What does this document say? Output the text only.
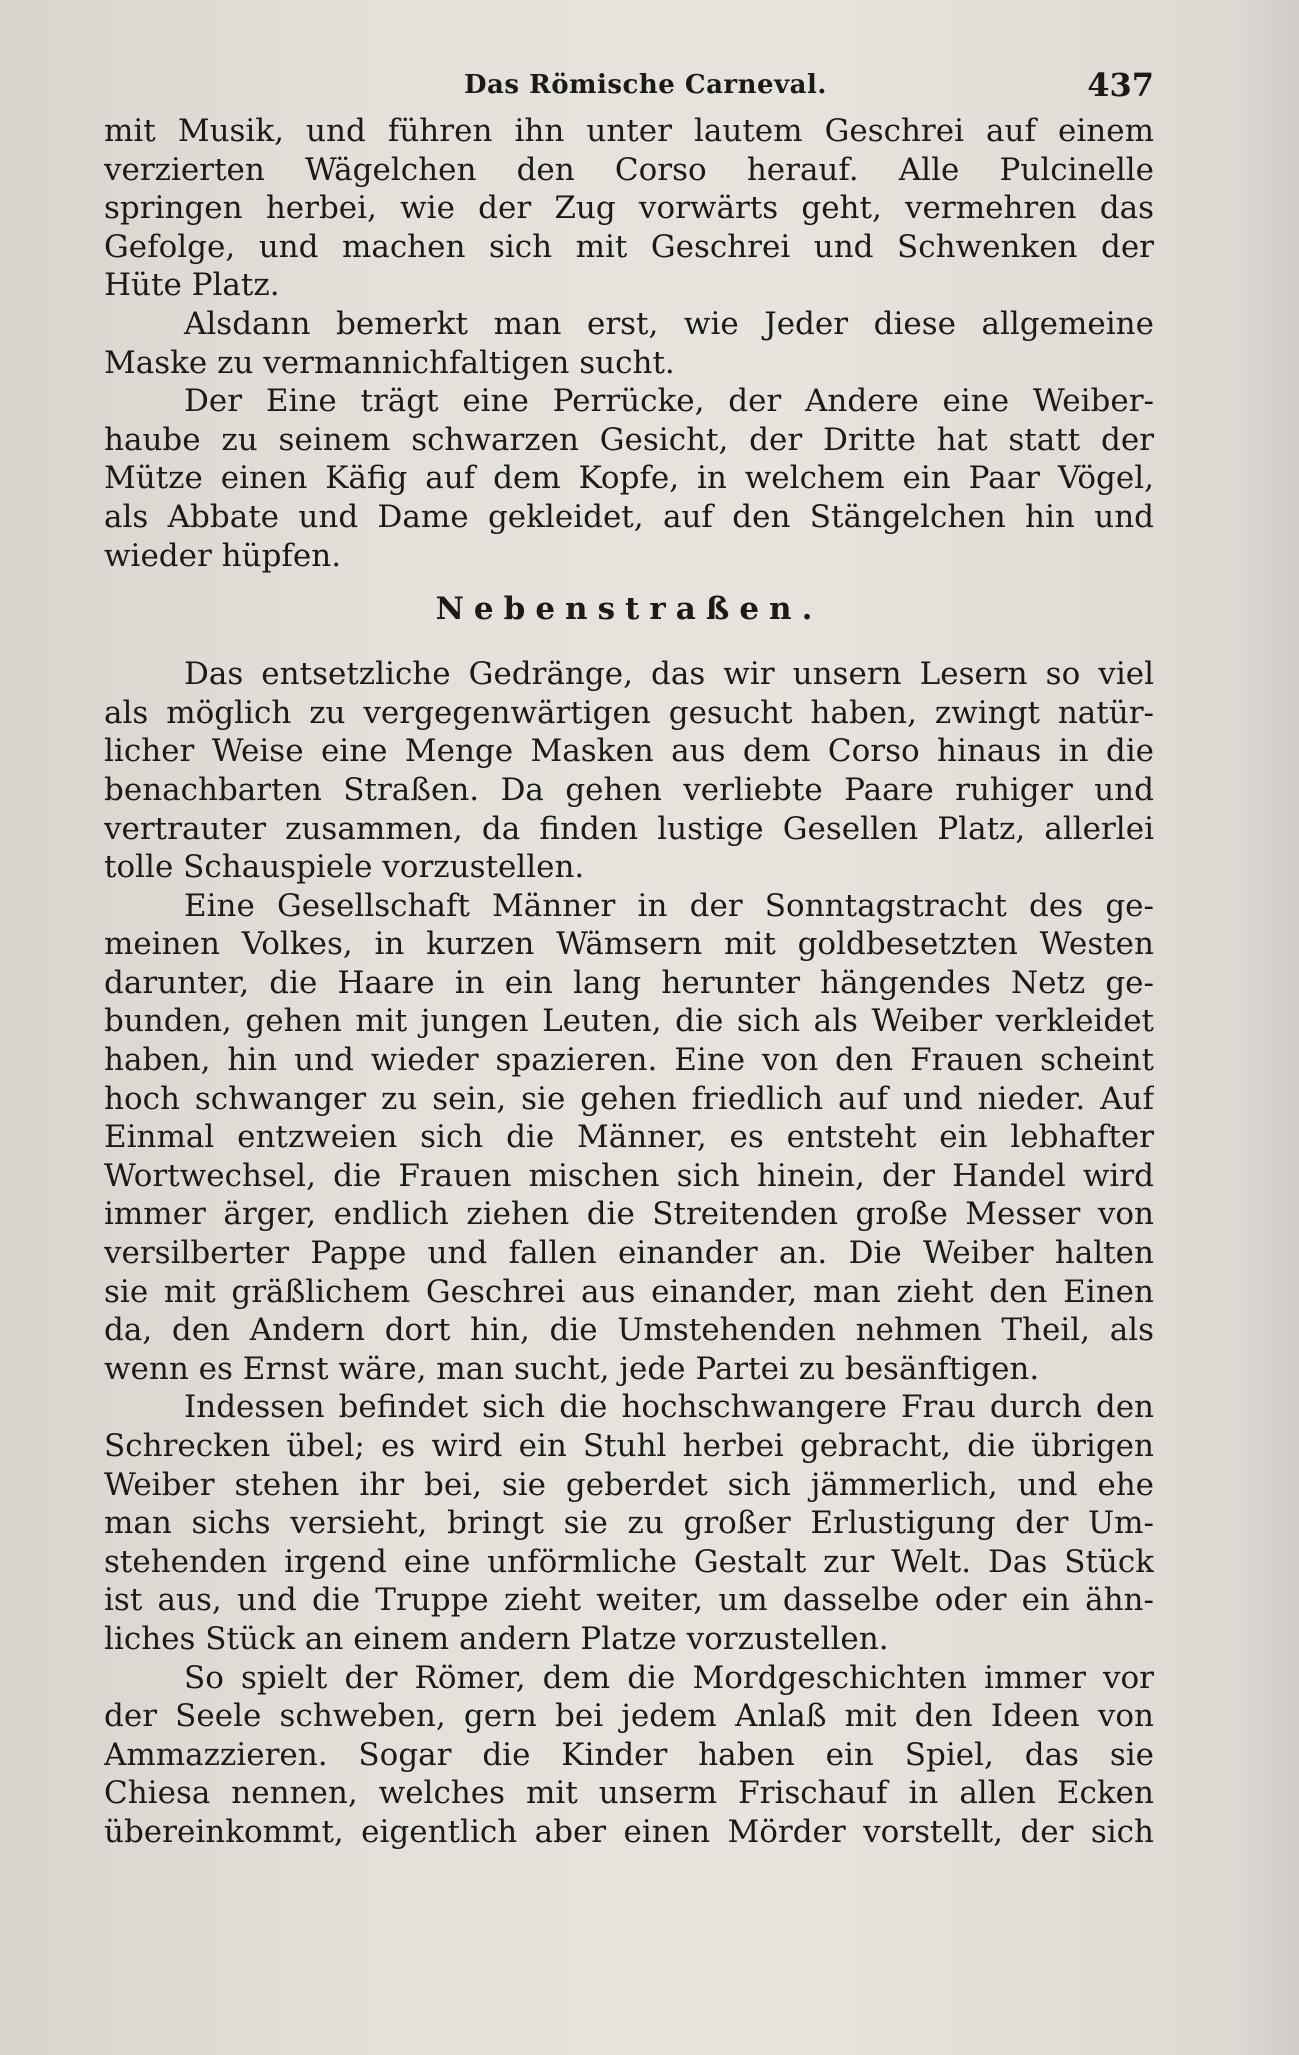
Das Römische Carneval.	437
mit Musik, und führen ihn unter lautem Geschrei auf einem
verzierten Wägelchen den Corso herauf. Alle Pulcinelle
springen herbei, wie der Zug vorwärts geht, vermehren das
Gefolge, und machen sich mit Geschrei und Schwenken der
Hüte Platz.
Alsdann bemerkt man erst, wie Jeder diese allgemeine
Maske zu vermannichfaltigen sucht.
Der Eine trägt eine Perrücke, der Andere eine Weiber-
haube zu seinem schwarzen Gesicht, der Dritte hat statt der
Mütze einen Käfig auf dem Kopfe, in welchem ein Paar Vögel,
als Abbate und Dame gekleidet, auf den Stängelchen hin und
wieder hüpfen.
Nebenstraßen.
Das entsetzliche Gedränge, das wir unsern Lesern so viel
als möglich zu vergegenwärtigen gesucht haben, zwingt natür-
licher Weise eine Menge Masken aus dem Corso hinaus in die
benachbarten Straßen. Da gehen verliebte Paare ruhiger und
vertrauter zusammen, da finden lustige Gesellen Platz, allerlei
tolle Schauspiele vorzustellen.
Eine Gesellschaft Männer in der Sonntagstracht des ge-
meinen Volkes, in kurzen Wämsern mit goldbesetzten Westen
darunter, die Haare in ein lang herunter hängendes Netz ge-
bunden, gehen mit jungen Leuten, die sich als Weiber verkleidet
haben, hin und wieder spazieren. Eine von den Frauen scheint
hoch schwanger zu sein, sie gehen friedlich auf und nieder. Auf
Einmal entzweien sich die Männer, es entsteht ein lebhafter
Wortwechsel, die Frauen mischen sich hinein, der Handel wird
immer ärger, endlich ziehen die Streitenden große Messer von
versilberter Pappe und fallen einander an. Die Weiber halten
sie mit gräßlichem Geschrei aus einander, man zieht den Einen
da, den Andern dort hin, die Umstehenden nehmen Theil, als
wenn es Ernst wäre, man sucht, jede Partei zu besänftigen.
Indessen befindet sich die hochschwangere Frau durch den
Schrecken übel; es wird ein Stuhl herbei gebracht, die übrigen
Weiber stehen ihr bei, sie geberdet sich jämmerlich, und ehe
man sichs versieht, bringt sie zu großer Erlustigung der Um-
stehenden irgend eine unförmliche Gestalt zur Welt. Das Stück
ist aus, und die Truppe zieht weiter, um dasselbe oder ein ähn-
liches Stück an einem andern Platze vorzustellen.
So spielt der Römer, dem die Mordgeschichten immer vor
der Seele schweben, gern bei jedem Anlaß mit den Ideen von
Ammazzieren. Sogar die Kinder haben ein Spiel, das sie
Chiesa nennen, welches mit unserm Frischauf in allen Ecken
übereinkommt, eigentlich aber einen Mörder vorstellt, der sich
